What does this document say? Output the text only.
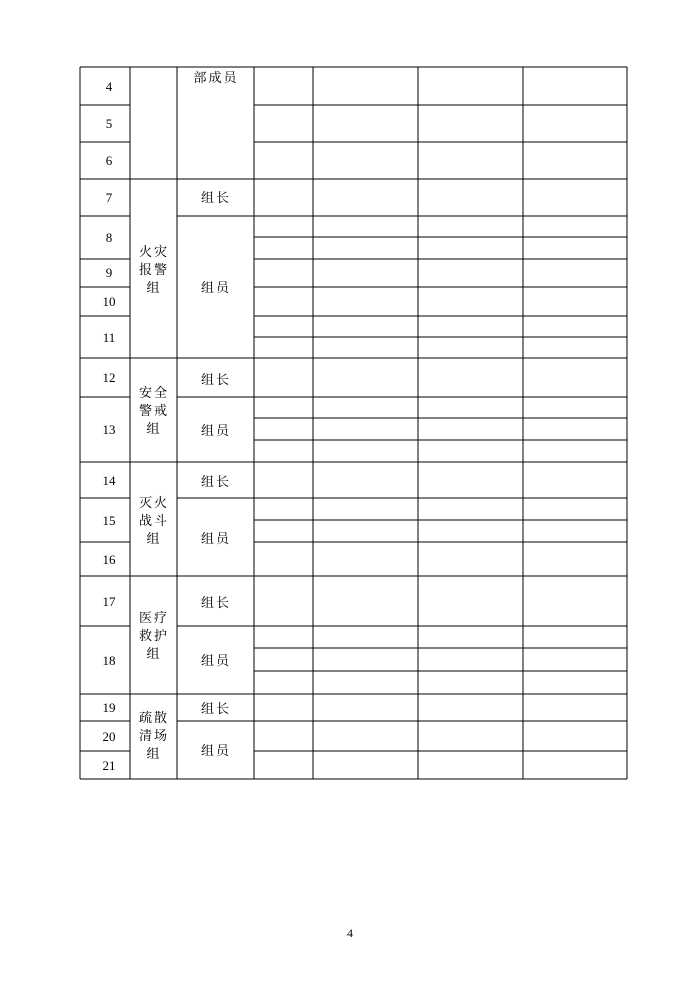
4
5
6
7
8
9
10
11
12
13
14
15
16
17
18
19
20
21
火灾
报警
组
安全
警戒
组
灭火
战斗
组
医疗
救护
组
疏散
清场
组
部成员
组长
组员
组长
组员
组长
组员
组长
组员
组长
组员
4
